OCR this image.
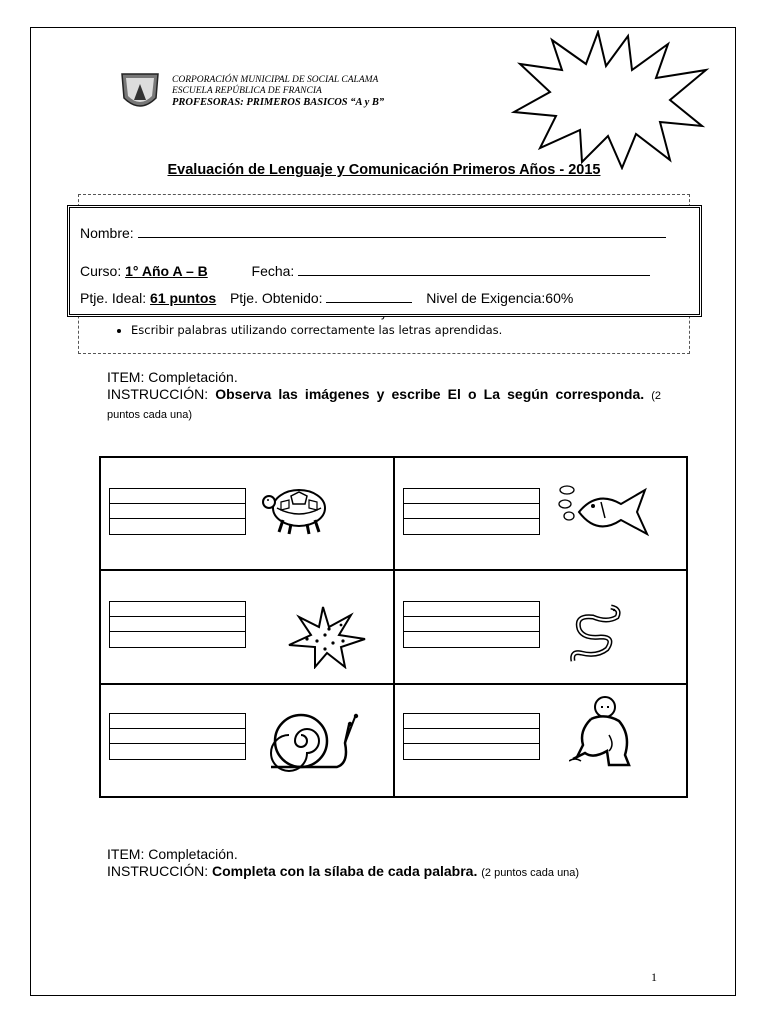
CORPORACIÓN MUNICIPAL DE SOCIAL CALAMA
ESCUELA REPÚBLICA DE FRANCIA
PROFESORAS: PRIMEROS BASICOS “A y B”
Evaluación de Lenguaje y Comunicación Primeros Años - 2015
•
• Escribir palabras utilizando correctamente las letras aprendidas.
Nombre:
Curso: 1° Año A – B	Fecha:
Ptje. Ideal: 61 puntos Ptje. Obtenido:	Nivel de Exigencia:60%
ITEM: Completación.
INSTRUCCIÓN: Observa las imágenes y escribe El o La según corresponda. (2 puntos cada una)
ITEM: Completación.
INSTRUCCIÓN: Completa con la sílaba de cada palabra. (2 puntos cada una)
1
